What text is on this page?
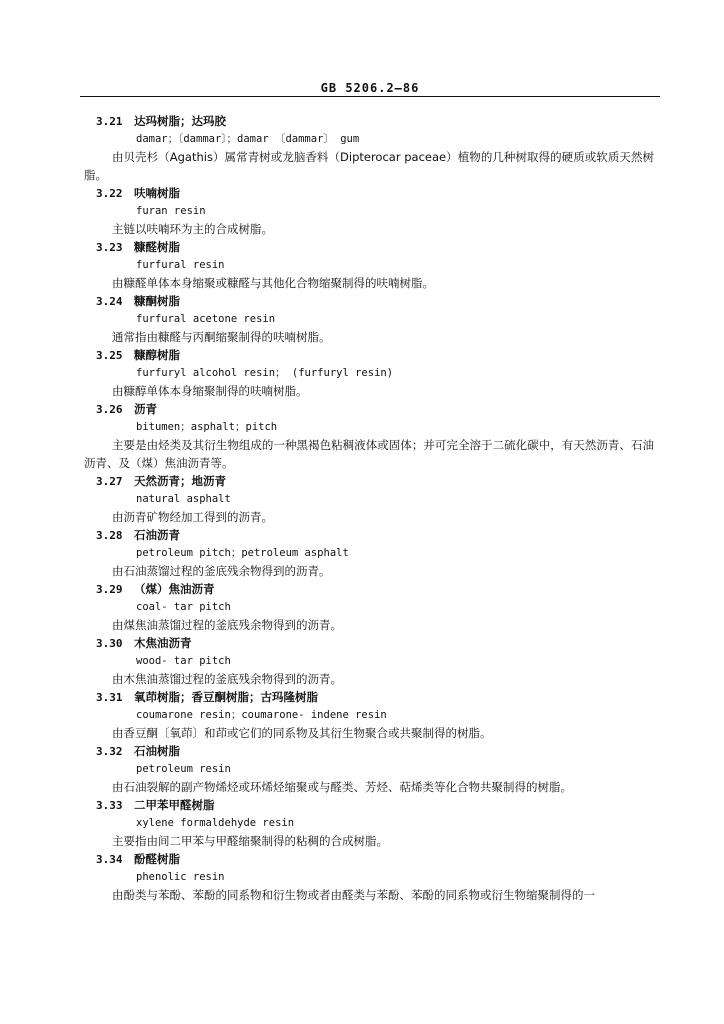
GB 5206.2—86
3.21 达玛树脂；达玛胶
damar；〔dammar〕；damar 〔dammar〕 gum
由贝壳杉（Agathis）属常青树或龙脑香料（Dipterocar paceae）植物的几种树取得的硬质或软质天然树脂。
3.22 呋喃树脂
furan resin
主链以呋喃环为主的合成树脂。
3.23 糠醛树脂
furfural resin
由糠醛单体本身缩聚或糠醛与其他化合物缩聚制得的呋喃树脂。
3.24 糠酮树脂
furfural acetone resin
通常指由糠醛与丙酮缩聚制得的呋喃树脂。
3.25 糠醇树脂
furfuryl alcohol resin； (furfuryl resin)
由糠醇单体本身缩聚制得的呋喃树脂。
3.26 沥青
bitumen；asphalt；pitch
主要是由烃类及其衍生物组成的一种黑褐色粘稠液体或固体；并可完全溶于二硫化碳中，有天然沥青、石油沥青、及（煤）焦油沥青等。
3.27 天然沥青；地沥青
natural asphalt
由沥青矿物经加工得到的沥青。
3.28 石油沥青
petroleum pitch；petroleum asphalt
由石油蒸馏过程的釜底残余物得到的沥青。
3.29 （煤）焦油沥青
coal- tar pitch
由煤焦油蒸馏过程的釜底残余物得到的沥青。
3.30 木焦油沥青
wood- tar pitch
由木焦油蒸馏过程的釜底残余物得到的沥青。
3.31 氧茚树脂；香豆酮树脂；古玛隆树脂
coumarone resin；coumarone- indene resin
由香豆酮〔氧茚〕和茚或它们的同系物及其衍生物聚合或共聚制得的树脂。
3.32 石油树脂
petroleum resin
由石油裂解的副产物烯烃或环烯烃缩聚或与醛类、芳烃、萜烯类等化合物共聚制得的树脂。
3.33 二甲苯甲醛树脂
xylene formaldehyde resin
主要指由间二甲苯与甲醛缩聚制得的粘稠的合成树脂。
3.34 酚醛树脂
phenolic resin
由酚类与苯酚、苯酚的同系物和衍生物或者由醛类与苯酚、苯酚的同系物或衍生物缩聚制得的一
